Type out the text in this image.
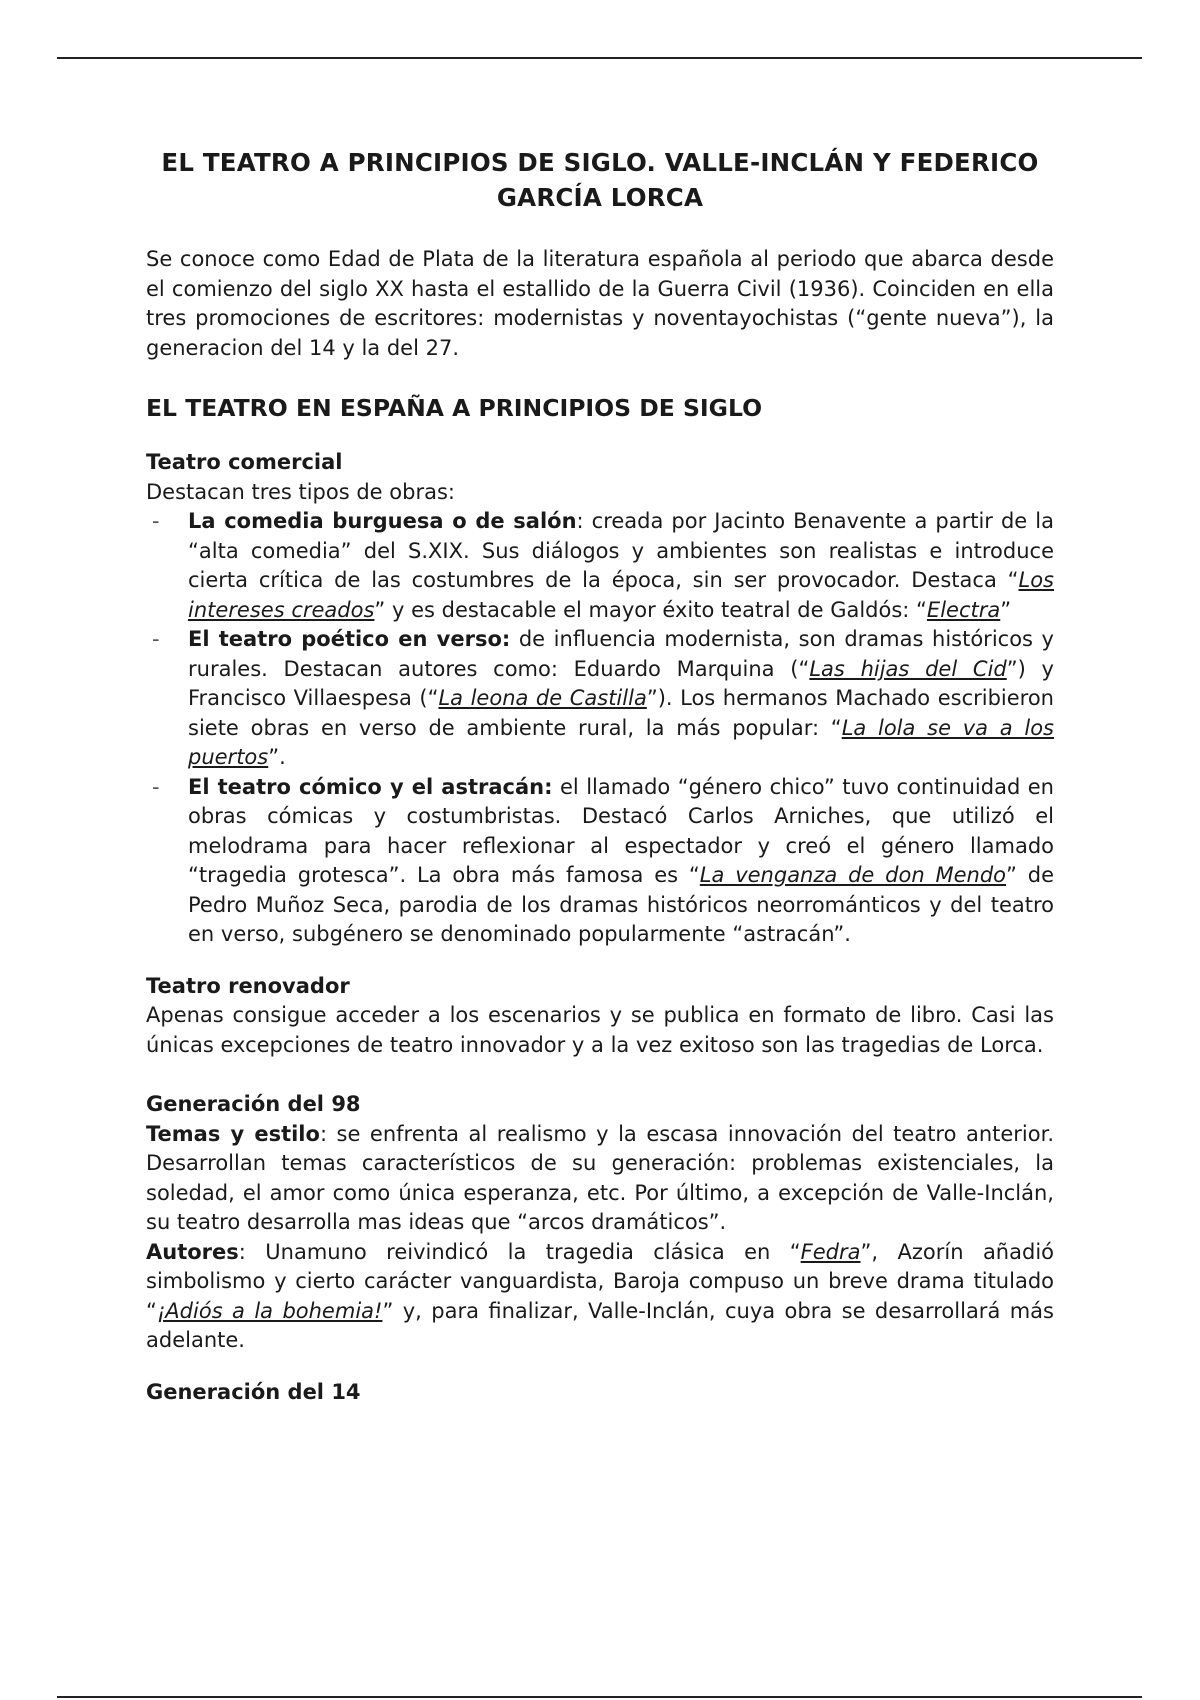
EL TEATRO A PRINCIPIOS DE SIGLO. VALLE-INCLÁN Y FEDERICO GARCÍA LORCA

Se conoce como Edad de Plata de la literatura española al periodo que abarca desde el comienzo del siglo XX hasta el estallido de la Guerra Civil (1936). Coinciden en ella tres promociones de escritores: modernistas y noventayochistas (“gente nueva”), la generacion del 14 y la del 27.

EL TEATRO EN ESPAÑA A PRINCIPIOS DE SIGLO
Teatro comercial

Destacan tres tipos de obras:

- La comedia burguesa o de salón: creada por Jacinto Benavente a partir de la “alta comedia” del S.XIX. Sus diálogos y ambientes son realistas e introduce cierta crítica de las costumbres de la época, sin ser provocador. Destaca “Los intereses creados” y es destacable el mayor éxito teatral de Galdós: “Electra”
- El teatro poético en verso: de influencia modernista, son dramas históricos y rurales. Destacan autores como: Eduardo Marquina (“Las hijas del Cid”) y Francisco Villaespesa (“La leona de Castilla”). Los hermanos Machado escribieron siete obras en verso de ambiente rural, la más popular: “La lola se va a los puertos”.
- El teatro cómico y el astracán: el llamado “género chico” tuvo continuidad en obras cómicas y costumbristas. Destacó Carlos Arniches, que utilizó el melodrama para hacer reflexionar al espectador y creó el género llamado “tragedia grotesca”. La obra más famosa es “La venganza de don Mendo” de Pedro Muñoz Seca, parodia de los dramas históricos neorrománticos y del teatro en verso, subgénero se denominado popularmente “astracán”.
Teatro renovador

Apenas consigue acceder a los escenarios y se publica en formato de libro. Casi las únicas excepciones de teatro innovador y a la vez exitoso son las tragedias de Lorca.

Generación del 98

Temas y estilo: se enfrenta al realismo y la escasa innovación del teatro anterior. Desarrollan temas característicos de su generación: problemas existenciales, la soledad, el amor como única esperanza, etc. Por último, a excepción de Valle-Inclán, su teatro desarrolla mas ideas que “arcos dramáticos”.

Autores: Unamuno reivindicó la tragedia clásica en “Fedra”, Azorín añadió simbolismo y cierto carácter vanguardista, Baroja compuso un breve drama titulado “¡Adiós a la bohemia!” y, para finalizar, Valle-Inclán, cuya obra se desarrollará más adelante.

Generación del 14
